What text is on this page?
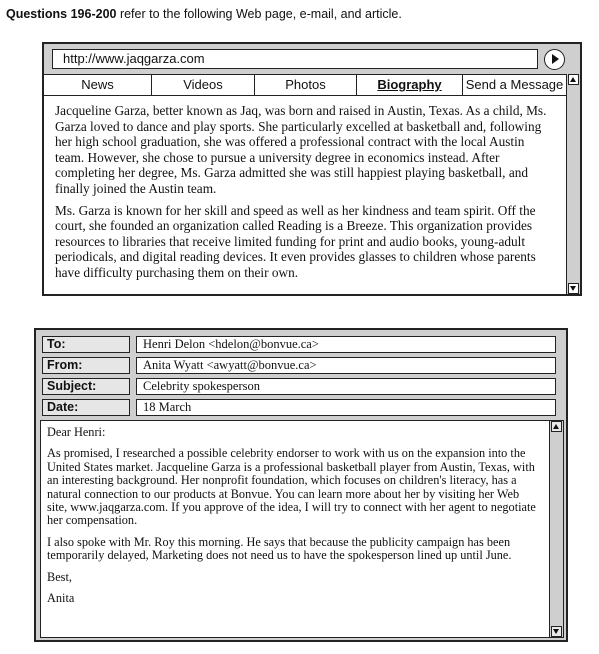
Questions 196-200 refer to the following Web page, e-mail, and article.
http://www.jaqgarza.com
News	Videos	Photos	Biography	Send a Message

Jacqueline Garza, better known as Jaq, was born and raised in Austin, Texas. As a child, Ms. Garza loved to dance and play sports. She particularly excelled at basketball and, following her high school graduation, she was offered a professional contract with the local Austin team. However, she chose to pursue a university degree in economics instead. After completing her degree, Ms. Garza admitted she was still happiest playing basketball, and finally joined the Austin team.

Ms. Garza is known for her skill and speed as well as her kindness and team spirit. Off the court, she founded an organization called Reading is a Breeze. This organization provides resources to libraries that receive limited funding for print and audio books, young-adult periodicals, and digital reading devices. It even provides glasses to children whose parents have difficulty purchasing them on their own.

To:	Henri Delon <hdelon@bonvue.ca>
From:	Anita Wyatt <awyatt@bonvue.ca>
Subject:	Celebrity spokesperson
Date:	18 March

Dear Henri:

As promised, I researched a possible celebrity endorser to work with us on the expansion into the United States market. Jacqueline Garza is a professional basketball player from Austin, Texas, with an interesting background. Her nonprofit foundation, which focuses on children's literacy, has a natural connection to our products at Bonvue. You can learn more about her by visiting her Web site, www.jaqgarza.com. If you approve of the idea, I will try to connect with her agent to negotiate her compensation.

I also spoke with Mr. Roy this morning. He says that because the publicity campaign has been temporarily delayed, Marketing does not need us to have the spokesperson lined up until June.

Best,

Anita
